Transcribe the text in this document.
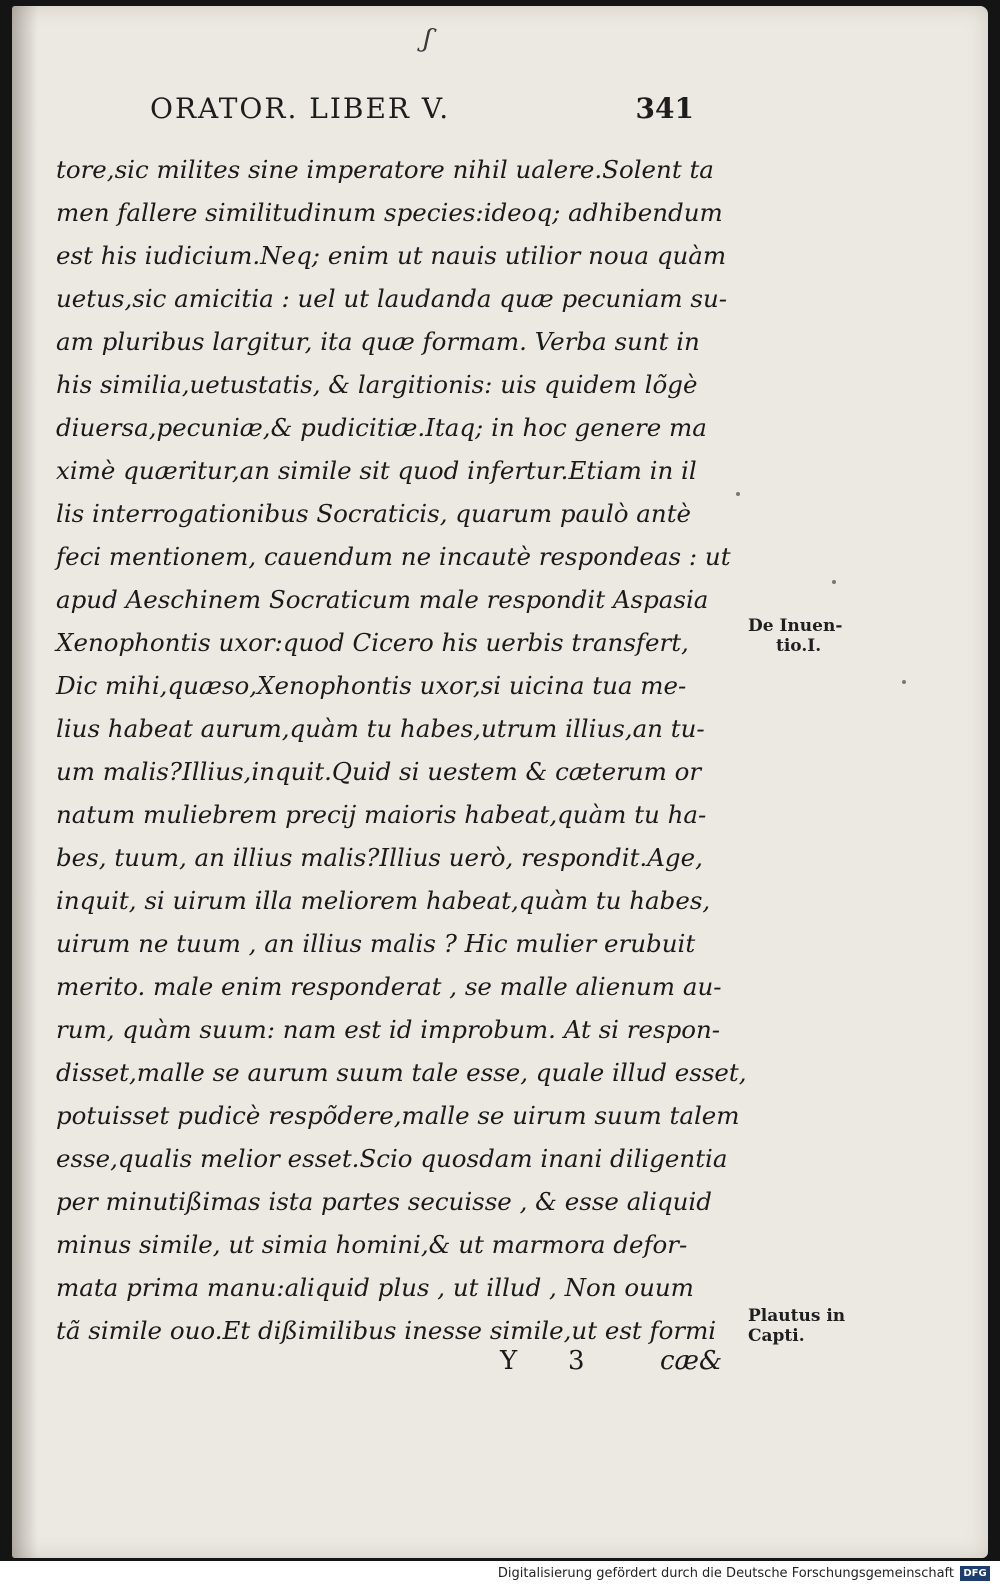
ʃ
ORATOR. LIBER V.	341
tore,sic milites sine imperatore nihil ualere.Solent ta
men fallere similitudinum species:ideoq; adhibendum
est his iudicium.Neq; enim ut nauis utilior noua quàm
uetus,sic amicitia : uel ut laudanda quæ pecuniam su-
am pluribus largitur, ita quæ formam. Verba sunt in
his similia,uetustatis, & largitionis: uis quidem lõgè
diuersa,pecuniæ,& pudicitiæ.Itaq; in hoc genere ma
ximè quæritur,an simile sit quod infertur.Etiam in il
lis interrogationibus Socraticis, quarum paulò antè
feci mentionem, cauendum ne incautè respondeas : ut
apud Aeschinem Socraticum male respondit Aspasia
Xenophontis uxor:quod Cicero his uerbis transfert,
Dic mihi,quæso,Xenophontis uxor,si uicina tua me-
lius habeat aurum,quàm tu habes,utrum illius,an tu-
um malis?Illius,inquit.Quid si uestem & cæterum or
natum muliebrem precij maioris habeat,quàm tu ha-
bes, tuum, an illius malis?Illius uerò, respondit.Age,
inquit, si uirum illa meliorem habeat,quàm tu habes,
uirum ne tuum , an illius malis ? Hic mulier erubuit
merito. male enim responderat , se malle alienum au-
rum, quàm suum: nam est id improbum. At si respon-
disset,malle se aurum suum tale esse, quale illud esset,
potuisset pudicè respõdere,malle se uirum suum talem
esse,qualis melior esset.Scio quosdam inani diligentia
per minutißimas ista partes secuisse , & esse aliquid
minus simile, ut simia homini,& ut marmora defor-
mata prima manu:aliquid plus , ut illud , Non ouum
tã simile ouo.Et dißimilibus inesse simile,ut est formi
De Inuen-
tio.I.
Plautus in
Capti.
Y 3	cæ&
Digitalisierung gefördert durch die Deutsche Forschungsgemeinschaft DFG
